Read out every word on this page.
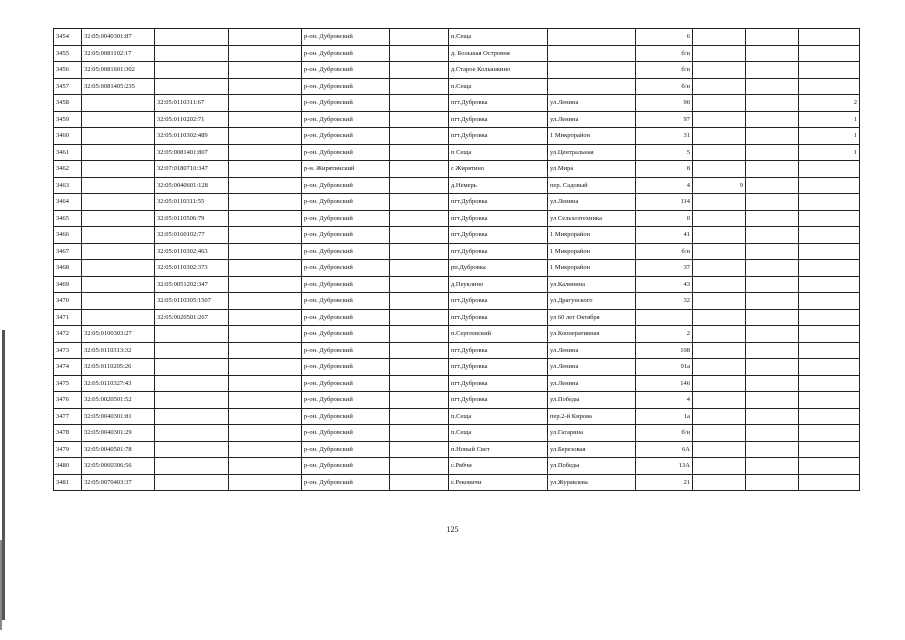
3454	32:05:0040301:87			р-он. Дубровский		п.Сеща		6			
3455	32:05:0081102:17			р-он. Дубровский		д. Большая Островня		б/н			
3456	32:05:0081601:302			р-он. Дубровский		д.Старое Колышкино		б/н			
3457	32:05:0081405:235			р-он. Дубровский		п.Сеща		б/н			
3458		32:05:0110311:67		р-он. Дубровский		пгт.Дубровка	ул.Ленина	90			2
3459		32:05:0110202:71		р-он. Дубровский		пгт.Дубровка	ул.Ленина	97			1
3460		32:05:0110302:489		р-он. Дубровский		пгт.Дубровка	1 Микрорайон	31			1
3461		32:05:0081401:807		р-он. Дубровский		п Сеща	ул.Центральная	5			1
3462		32:07:0180710:347		р-н. Жирятинский		с Жирятино	ул.Мира	8			
3463		32:05:0040601:128		р-он. Дубровский		д.Немерь	пер. Садовый	4	9		
3464		32:05:0110311:55		р-он. Дубровский		пгт.Дубровка	ул.Ленина	114			
3465		32:05:0110506:79		р-он. Дубровский		пгт.Дубровка	ул Сельхозтехника	0			
3466		32:05:0160102:77		р-он. Дубровский		пгт.Дубровка	1 Микрорайон	41			
3467		32:05:0110302:463		р-он. Дубровский		пгт.Дубровка	1 Микрорайон	б/н			
3468		32:05:0110302:373		р-он. Дубровский		рп.Дубровка	1 Микрорайон	37			
3469		32:05:0051202:347		р-он. Дубровский		д.Пеуклино	ул.Калинина	43			
3470		32:05:0110305:1507		р-он. Дубровский		пгт.Дубровка	ул.Драгунского	32			
3471		32:05:0020501:267		р-он. Дубровский		пгт.Дубровка	ул 60 лет Октября				
3472	32:05:0100303:27			р-он. Дубровский		п.Сергеевский	ул.Кооперативная	2			
3473	32:05:0110313:32			р-он. Дубровский		пгт.Дубровка	ул.Ленина	108			
3474	32:05:0110205:26			р-он. Дубровский		пгт.Дубровка	ул.Ленина	91а			
3475	32:05:0110327:43			р-он. Дубровский		пгт.Дубровка	ул.Ленина	146			
3476	32:05:0020501:52			р-он. Дубровский		пгт.Дубровка	ул.Победы	4			
3477	32:05:0040301:81			р-он. Дубровский		п.Сеща	пер.2-й Кирова	1а			
3478	32:05:0040301:29			р-он. Дубровский		п.Сеща	ул.Гагарина	б/н			
3479	32:05:0040501:78			р-он. Дубровский		п.Новый Свет	ул.Березовая	6А			
3480	32:05:0060306:56			р-он. Дубровский		с.Рябчи	ул.Победы	13А			
3481	32:05:0070403:37			р-он. Дубровский		с.Рековичи	ул.Журавлева	21			
125
